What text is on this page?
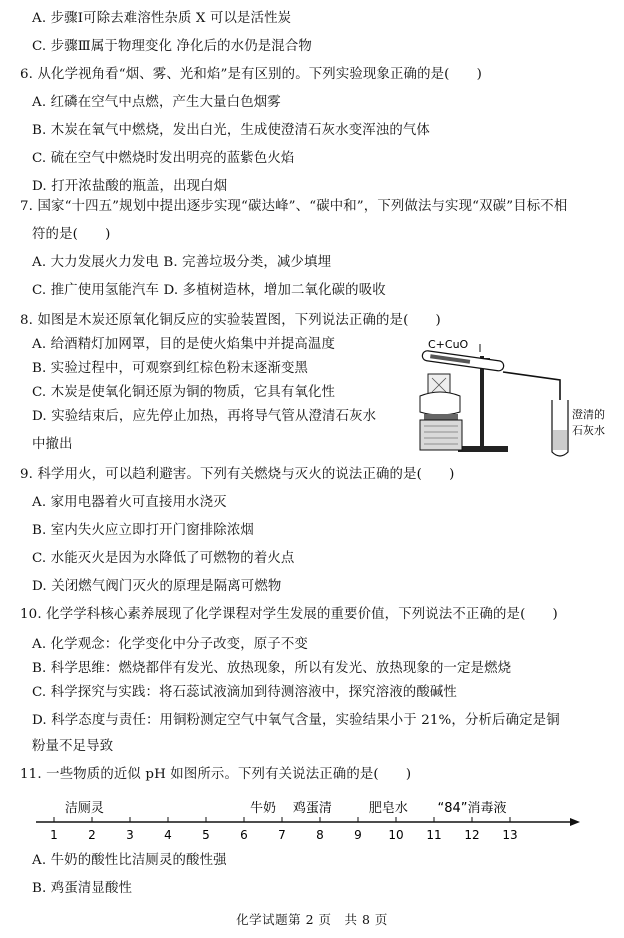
A. 步骤Ⅰ可除去难溶性杂质 X 可以是活性炭
C. 步骤Ⅲ属于物理变化 净化后的水仍是混合物
6. 从化学视角看“烟、雾、光和焰”是有区别的。下列实验现象正确的是(　　)
A. 红磷在空气中点燃，产生大量白色烟雾
B. 木炭在氧气中燃烧，发出白光，生成使澄清石灰水变浑浊的气体
C. 硫在空气中燃烧时发出明亮的蓝紫色火焰
D. 打开浓盐酸的瓶盖，出现白烟
7. 国家“十四五”规划中提出逐步实现“碳达峰”、“碳中和”，下列做法与实现“双碳”目标不相
符的是(　　)
A. 大力发展火力发电 B. 完善垃圾分类，减少填埋
C. 推广使用氢能汽车 D. 多植树造林，增加二氧化碳的吸收
8. 如图是木炭还原氧化铜反应的实验装置图，下列说法正确的是(　　)
A. 给酒精灯加网罩，目的是使火焰集中并提高温度
B. 实验过程中，可观察到红棕色粉末逐渐变黑
C. 木炭是使氧化铜还原为铜的物质，它具有氧化性
D. 实验结束后，应先停止加热，再将导气管从澄清石灰水
中撤出
9. 科学用火，可以趋利避害。下列有关燃烧与灭火的说法正确的是(　　)
A. 家用电器着火可直接用水浇灭
B. 室内失火应立即打开门窗排除浓烟
C. 水能灭火是因为水降低了可燃物的着火点
D. 关闭燃气阀门灭火的原理是隔离可燃物
10. 化学学科核心素养展现了化学课程对学生发展的重要价值，下列说法不正确的是(　　)
A. 化学观念：化学变化中分子改变，原子不变
B. 科学思维：燃烧都伴有发光、放热现象，所以有发光、放热现象的一定是燃烧
C. 科学探究与实践：将石蕊试液滴加到待测溶液中，探究溶液的酸碱性
D. 科学态度与责任：用铜粉测定空气中氧气含量，实验结果小于 21%，分析后确定是铜
粉量不足导致
11. 一些物质的近似 pH 如图所示。下列有关说法正确的是(　　)
A. 牛奶的酸性比洁厕灵的酸性强
B. 鸡蛋清显酸性
C+CuO
澄清的
石灰水
1	2	3	4	5	6	7	8	9 10 11 12 13
洁厕灵	牛奶 鸡蛋清	肥皂水 “84”消毒液
化学试题第 2 页　共 8 页
